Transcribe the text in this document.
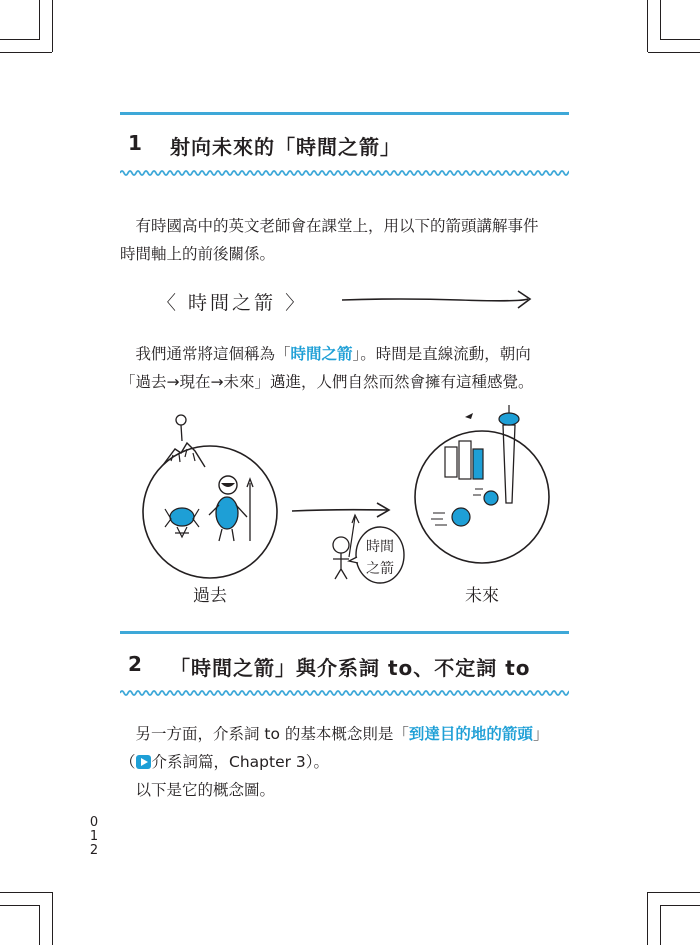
1 射向未來的「時間之箭」
　有時國高中的英文老師會在課堂上，用以下的箭頭講解事件
時間軸上的前後關係。
〈 時間之箭 〉
　我們通常將這個稱為「時間之箭」。時間是直線流動，朝向
「過去→現在→未來」邁進，人們自然而然會擁有這種感覺。
時間
之箭
過去	未來
2 「時間之箭」與介系詞 to、不定詞 to
　另一方面，介系詞 to 的基本概念則是「到達目的地的箭頭」
（ 介系詞篇，Chapter 3）。
　以下是它的概念圖。
0
1
2
